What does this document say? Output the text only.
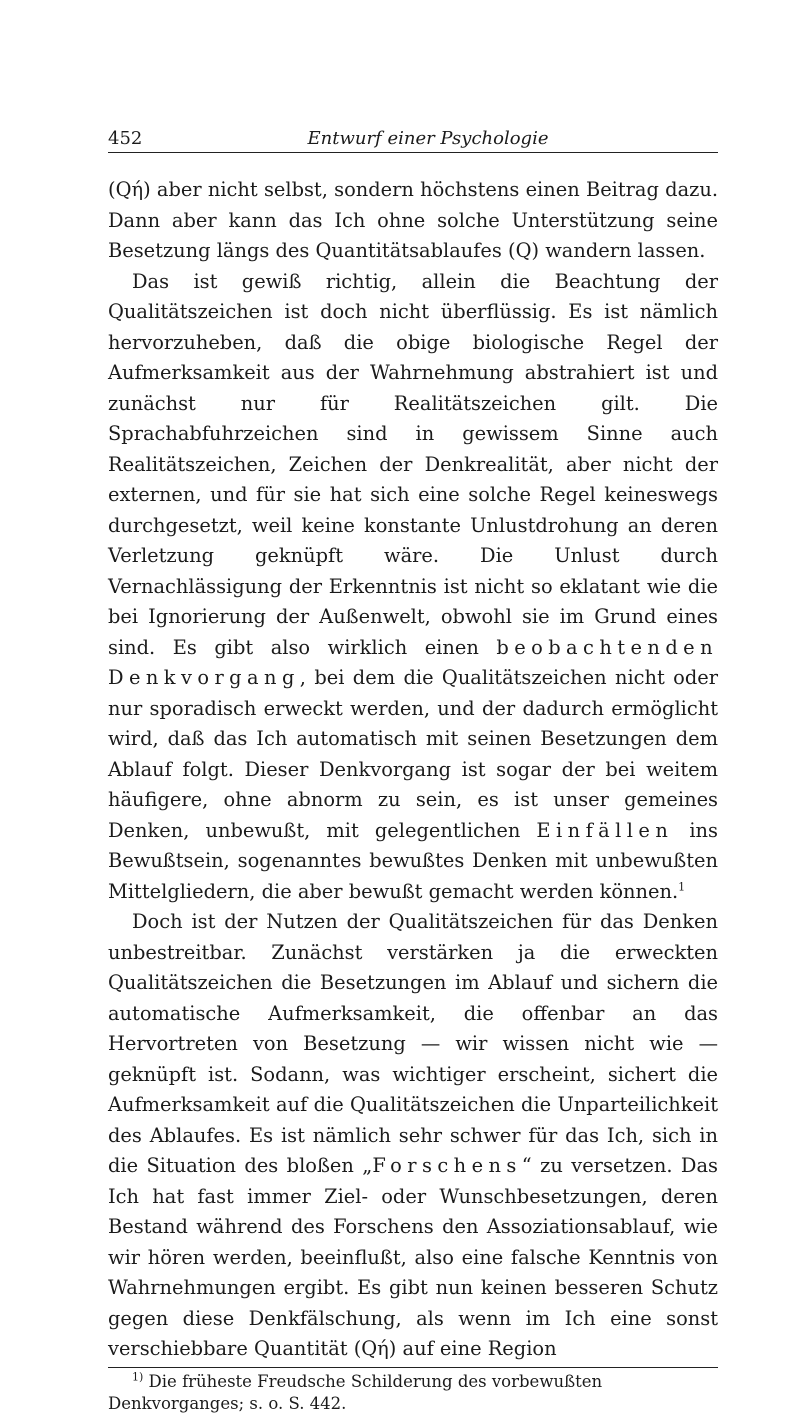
452	Entwurf einer Psychologie

(Qή) aber nicht selbst, sondern höchstens einen Beitrag dazu. Dann aber kann das Ich ohne solche Unterstützung seine Besetzung längs des Quantitätsablaufes (Q) wandern lassen.

Das ist gewiß richtig, allein die Beachtung der Qualitätszeichen ist doch nicht überflüssig. Es ist nämlich hervorzuheben, daß die obige biologische Regel der Aufmerksamkeit aus der Wahrnehmung abstrahiert ist und zunächst nur für Realitätszeichen gilt. Die Sprachabfuhrzeichen sind in gewissem Sinne auch Realitätszeichen, Zeichen der Denkrealität, aber nicht der externen, und für sie hat sich eine solche Regel keineswegs durchgesetzt, weil keine konstante Unlustdrohung an deren Verletzung geknüpft wäre. Die Unlust durch Vernachlässigung der Erkenntnis ist nicht so eklatant wie die bei Ignorierung der Außenwelt, obwohl sie im Grund eines sind. Es gibt also wirklich einen beobachtenden Denkvorgang, bei dem die Qualitätszeichen nicht oder nur sporadisch erweckt werden, und der dadurch ermöglicht wird, daß das Ich automatisch mit seinen Besetzungen dem Ablauf folgt. Dieser Denkvorgang ist sogar der bei weitem häufigere, ohne abnorm zu sein, es ist unser gemeines Denken, unbewußt, mit gelegentlichen Einfällen ins Bewußtsein, sogenanntes bewußtes Denken mit unbewußten Mittelgliedern, die aber bewußt gemacht werden können.$^1$

Doch ist der Nutzen der Qualitätszeichen für das Denken unbestreitbar. Zunächst verstärken ja die erweckten Qualitätszeichen die Besetzungen im Ablauf und sichern die automatische Aufmerksamkeit, die offenbar an das Hervortreten von Besetzung — wir wissen nicht wie — geknüpft ist. Sodann, was wichtiger erscheint, sichert die Aufmerksamkeit auf die Qualitätszeichen die Unparteilichkeit des Ablaufes. Es ist nämlich sehr schwer für das Ich, sich in die Situation des bloßen „Forschens“ zu versetzen. Das Ich hat fast immer Ziel- oder Wunschbesetzungen, deren Bestand während des Forschens den Assoziationsablauf, wie wir hören werden, beeinflußt, also eine falsche Kenntnis von Wahrnehmungen ergibt. Es gibt nun keinen besseren Schutz gegen diese Denkfälschung, als wenn im Ich eine sonst verschiebbare Quantität (Qή) auf eine Region

$^{1)}$ Die früheste Freudsche Schilderung des vorbewußten Denkvorganges; s. o. S. 442.
